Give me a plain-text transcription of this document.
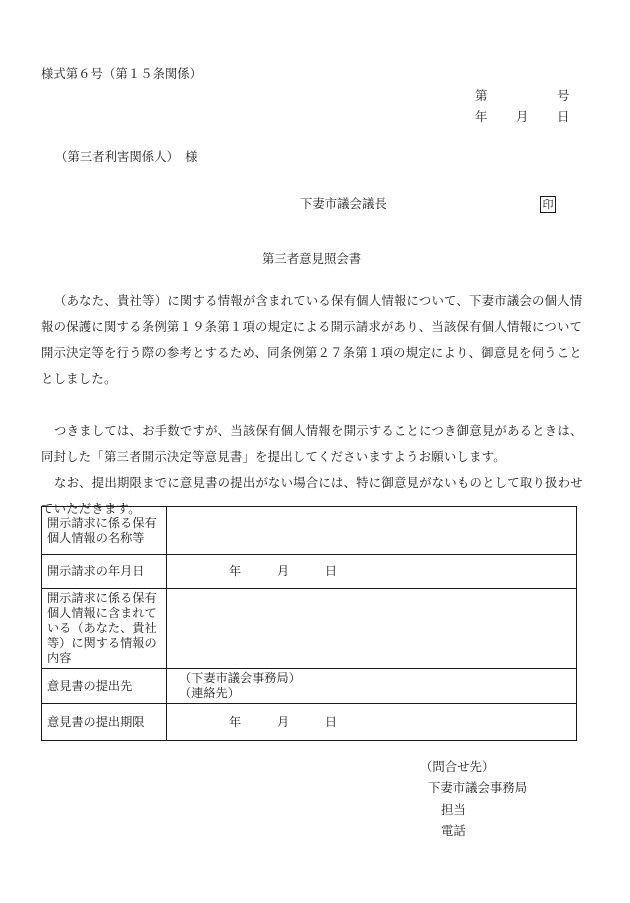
様式第６号（第１５条関係）
第	号
年 月 日
（第三者利害関係人）　様
下妻市議会議長	印
第三者意見照会書
（あなた、貴社等）に関する情報が含まれている保有個人情報について、下妻市議会の個人情報の保護に関する条例第１９条第１項の規定による開示請求があり、当該保有個人情報について開示決定等を行う際の参考とするため、同条例第２７条第１項の規定により、御意見を伺うこととしました。
つきましては、お手数ですが、当該保有個人情報を開示することにつき御意見があるときは、同封した「第三者開示決定等意見書」を提出してくださいますようお願いします。
なお、提出期限までに意見書の提出がない場合には、特に御意見がないものとして取り扱わせていただきます。
開示請求に係る保有個人情報の名称等	
開示請求の年月日	年 月 日
開示請求に係る保有個人情報に含まれている（あなた、貴社等）に関する情報の内容	
意見書の提出先	（下妻市議会事務局）
（連絡先）

意見書の提出期限	年 月 日
（問合せ先）
下妻市議会事務局
担当
電話
